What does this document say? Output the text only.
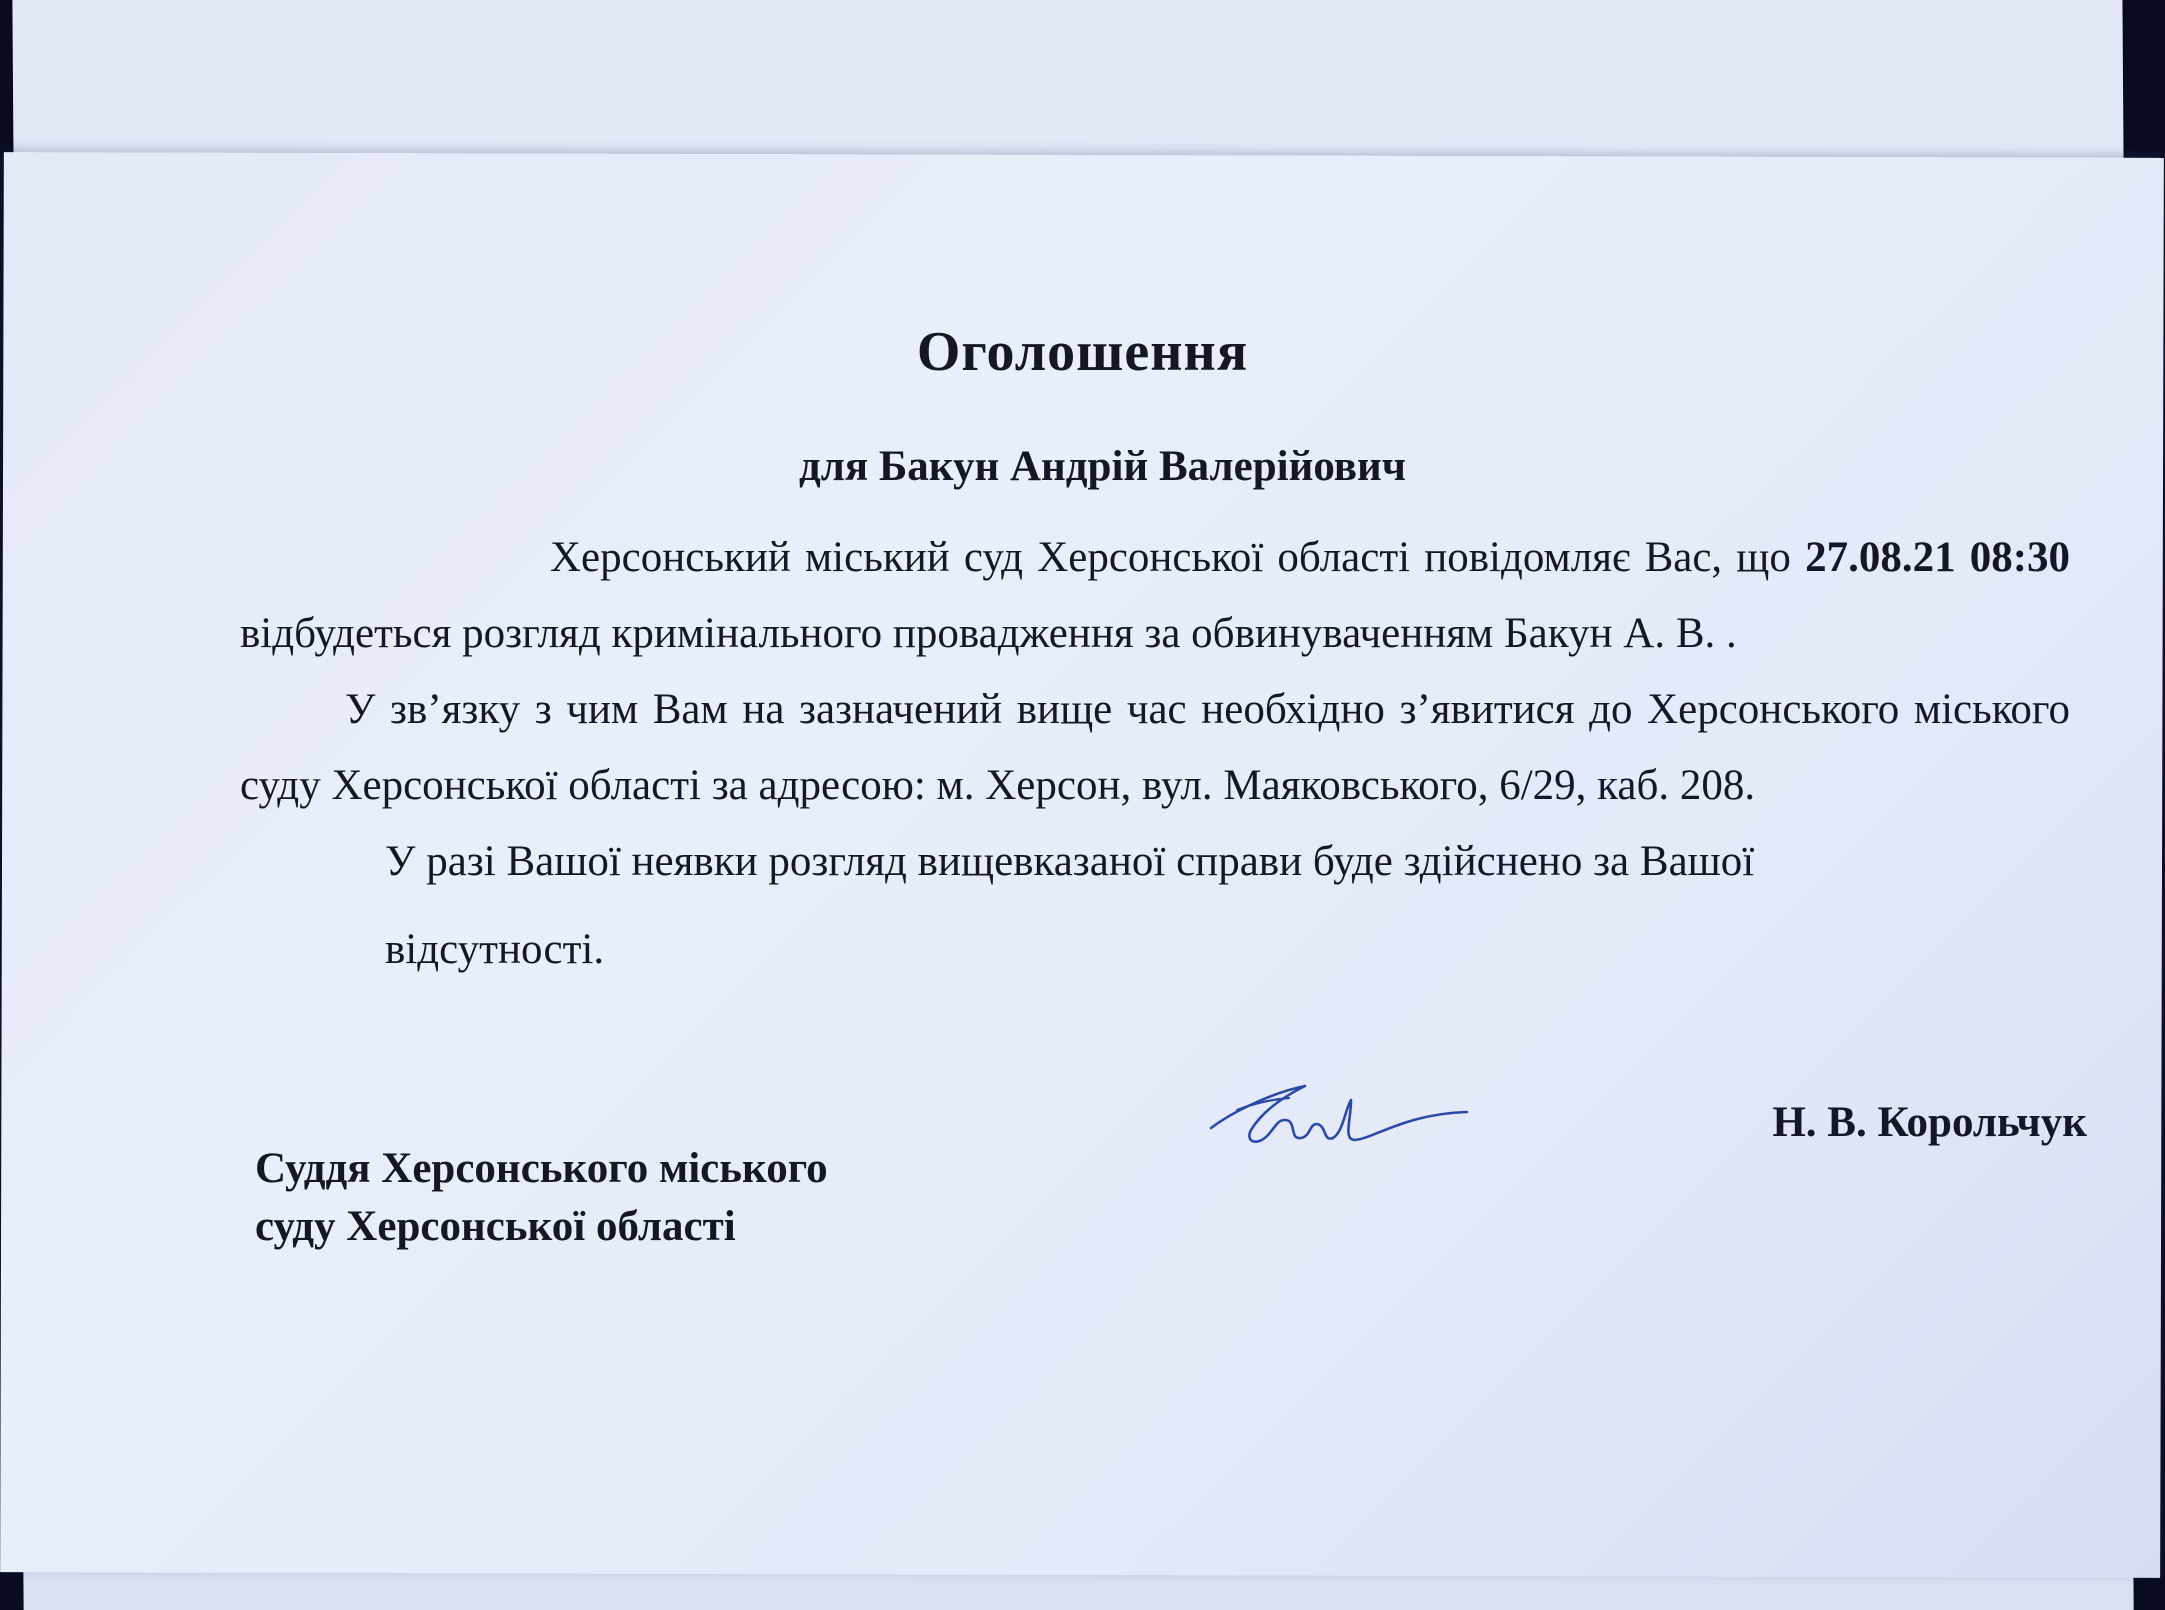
Оголошення
для Бакун Андрій Валерійович

Херсонський міський суд Херсонської області повідомляє Вас, що 27.08.21 08:30 відбудеться розгляд кримінального провадження за обвинуваченням Бакун А. В. .

У зв’язку з чим Вам на зазначений вище час необхідно з’явитися до Херсонського міського суду Херсонської області за адресою: м. Херсон, вул. Маяковського, 6/29, каб. 208.

У разі Вашої неявки розгляд вищевказаної справи буде здійснено за Вашої
відсутності.

Суддя Херсонського міського
суду Херсонської області
Н. В. Корольчук
